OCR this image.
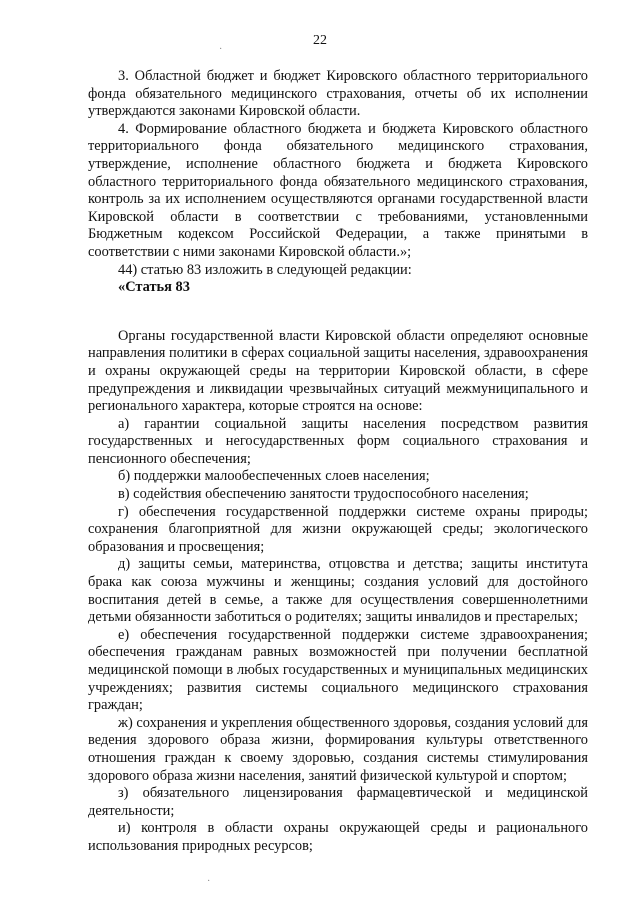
22

3. Областной бюджет и бюджет Кировского областного территориального фонда обязательного медицинского страхования, отчеты об их исполнении утверждаются законами Кировской области.

4. Формирование областного бюджета и бюджета Кировского областного территориального фонда обязательного медицинского страхования, утверждение, исполнение областного бюджета и бюджета Кировского областного территориального фонда обязательного медицинского страхования, контроль за их исполнением осуществляются органами государственной власти Кировской области в соответствии с требованиями, установленными Бюджетным кодексом Российской Федерации, а также принятыми в соответствии с ними законами Кировской области.»;

44) статью 83 изложить в следующей редакции:

«Статья 83

Органы государственной власти Кировской области определяют основные направления политики в сферах социальной защиты населения, здравоохранения и охраны окружающей среды на территории Кировской области, в сфере предупреждения и ликвидации чрезвычайных ситуаций межмуниципального и регионального характера, которые строятся на основе:

а) гарантии социальной защиты населения посредством развития государственных и негосударственных форм социального страхования и пенсионного обеспечения;

б) поддержки малообеспеченных слоев населения;

в) содействия обеспечению занятости трудоспособного населения;

г) обеспечения государственной поддержки системе охраны природы; сохранения благоприятной для жизни окружающей среды; экологического образования и просвещения;

д) защиты семьи, материнства, отцовства и детства; защиты института брака как союза мужчины и женщины; создания условий для достойного воспитания детей в семье, а также для осуществления совершеннолетними детьми обязанности заботиться о родителях; защиты инвалидов и престарелых;

е) обеспечения государственной поддержки системе здравоохранения; обеспечения гражданам равных возможностей при получении бесплатной медицинской помощи в любых государственных и муниципальных медицинских учреждениях; развития системы социального медицинского страхования граждан;

ж) сохранения и укрепления общественного здоровья, создания условий для ведения здорового образа жизни, формирования культуры ответственного отношения граждан к своему здоровью, создания системы стимулирования здорового образа жизни населения, занятий физической культурой и спортом;

з) обязательного лицензирования фармацевтической и медицинской деятельности;

и) контроля в области охраны окружающей среды и рационального использования природных ресурсов;

·
·
